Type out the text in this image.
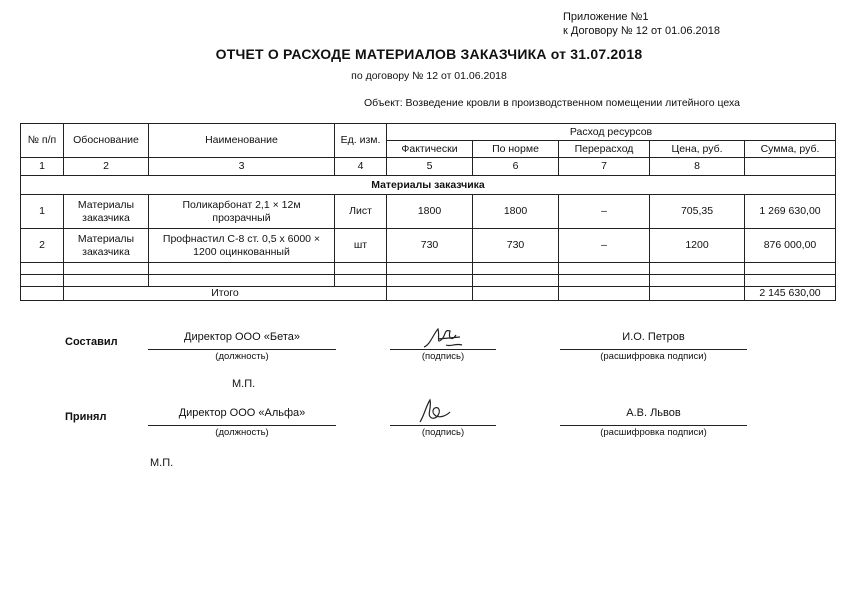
Приложение №1
к Договору № 12 от 01.06.2018
ОТЧЕТ О РАСХОДЕ МАТЕРИАЛОВ ЗАКАЗЧИКА от 31.07.2018
по договору № 12 от 01.06.2018
Объект: Возведение кровли в производственном помещении литейного цеха
№ п/п	Обоснование	Наименование	Ед. изм.	Расход ресурсов				
				Фактически	По норме	Перерасход	Цена, руб.	Сумма, руб.
1	2	3	4	5	6	7	8	
Материалы заказчика								
1	Материалы заказчика	Поликарбонат 2,1 × 12м прозрачный	Лист	1800	1800	–	705,35	1 269 630,00
2	Материалы заказчика	Профнастил С-8 ст. 0,5 х 6000 × 1200 оцинкованный	шт	730	730	–	1200	876 000,00

	Итого							2 145 630,00
Составил	Директор ООО «Бета»
(должность)	(подпись)
И.О. Петров
(расшифровка подписи)
М.П.
Принял	Директор ООО «Альфа»
(должность)	(подпись)
А.В. Львов
(расшифровка подписи)
М.П.
